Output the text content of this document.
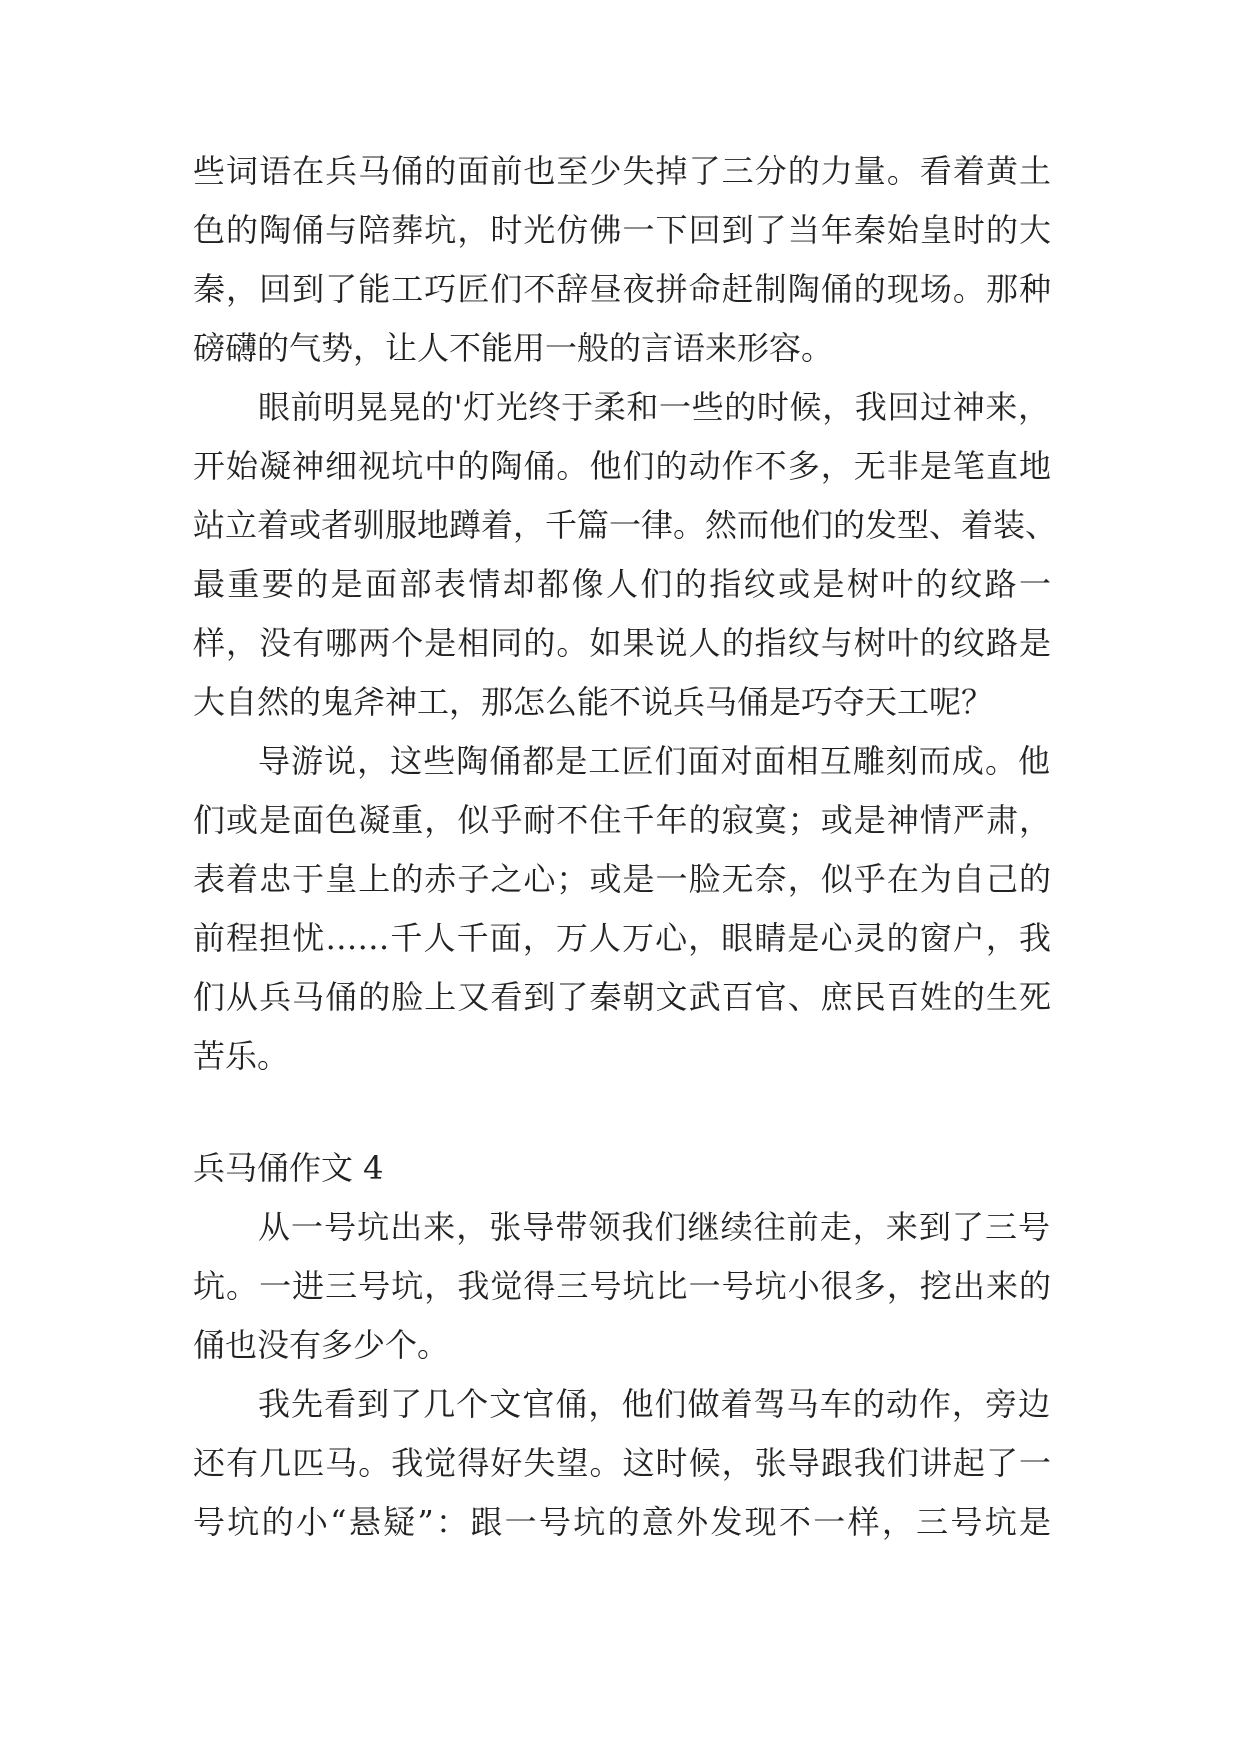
些词语在兵马俑的面前也至少失掉了三分的力量。看着黄土
色的陶俑与陪葬坑，时光仿佛一下回到了当年秦始皇时的大
秦，回到了能工巧匠们不辞昼夜拼命赶制陶俑的现场。那种
磅礴的气势，让人不能用一般的言语来形容。
眼前明晃晃的'灯光终于柔和一些的时候，我回过神来，
开始凝神细视坑中的陶俑。他们的动作不多，无非是笔直地
站立着或者驯服地蹲着，千篇一律。然而他们的发型、着装、
最重要的是面部表情却都像人们的指纹或是树叶的纹路一
样，没有哪两个是相同的。如果说人的指纹与树叶的纹路是
大自然的鬼斧神工，那怎么能不说兵马俑是巧夺天工呢？
导游说，这些陶俑都是工匠们面对面相互雕刻而成。他
们或是面色凝重，似乎耐不住千年的寂寞；或是神情严肃，
表着忠于皇上的赤子之心；或是一脸无奈，似乎在为自己的
前程担忧……千人千面，万人万心，眼睛是心灵的窗户，我
们从兵马俑的脸上又看到了秦朝文武百官、庶民百姓的生死
苦乐。
兵马俑作文 4
从一号坑出来，张导带领我们继续往前走，来到了三号
坑。一进三号坑，我觉得三号坑比一号坑小很多，挖出来的
俑也没有多少个。
我先看到了几个文官俑，他们做着驾马车的动作，旁边
还有几匹马。我觉得好失望。这时候，张导跟我们讲起了一
号坑的小“悬疑”：跟一号坑的意外发现不一样，三号坑是
